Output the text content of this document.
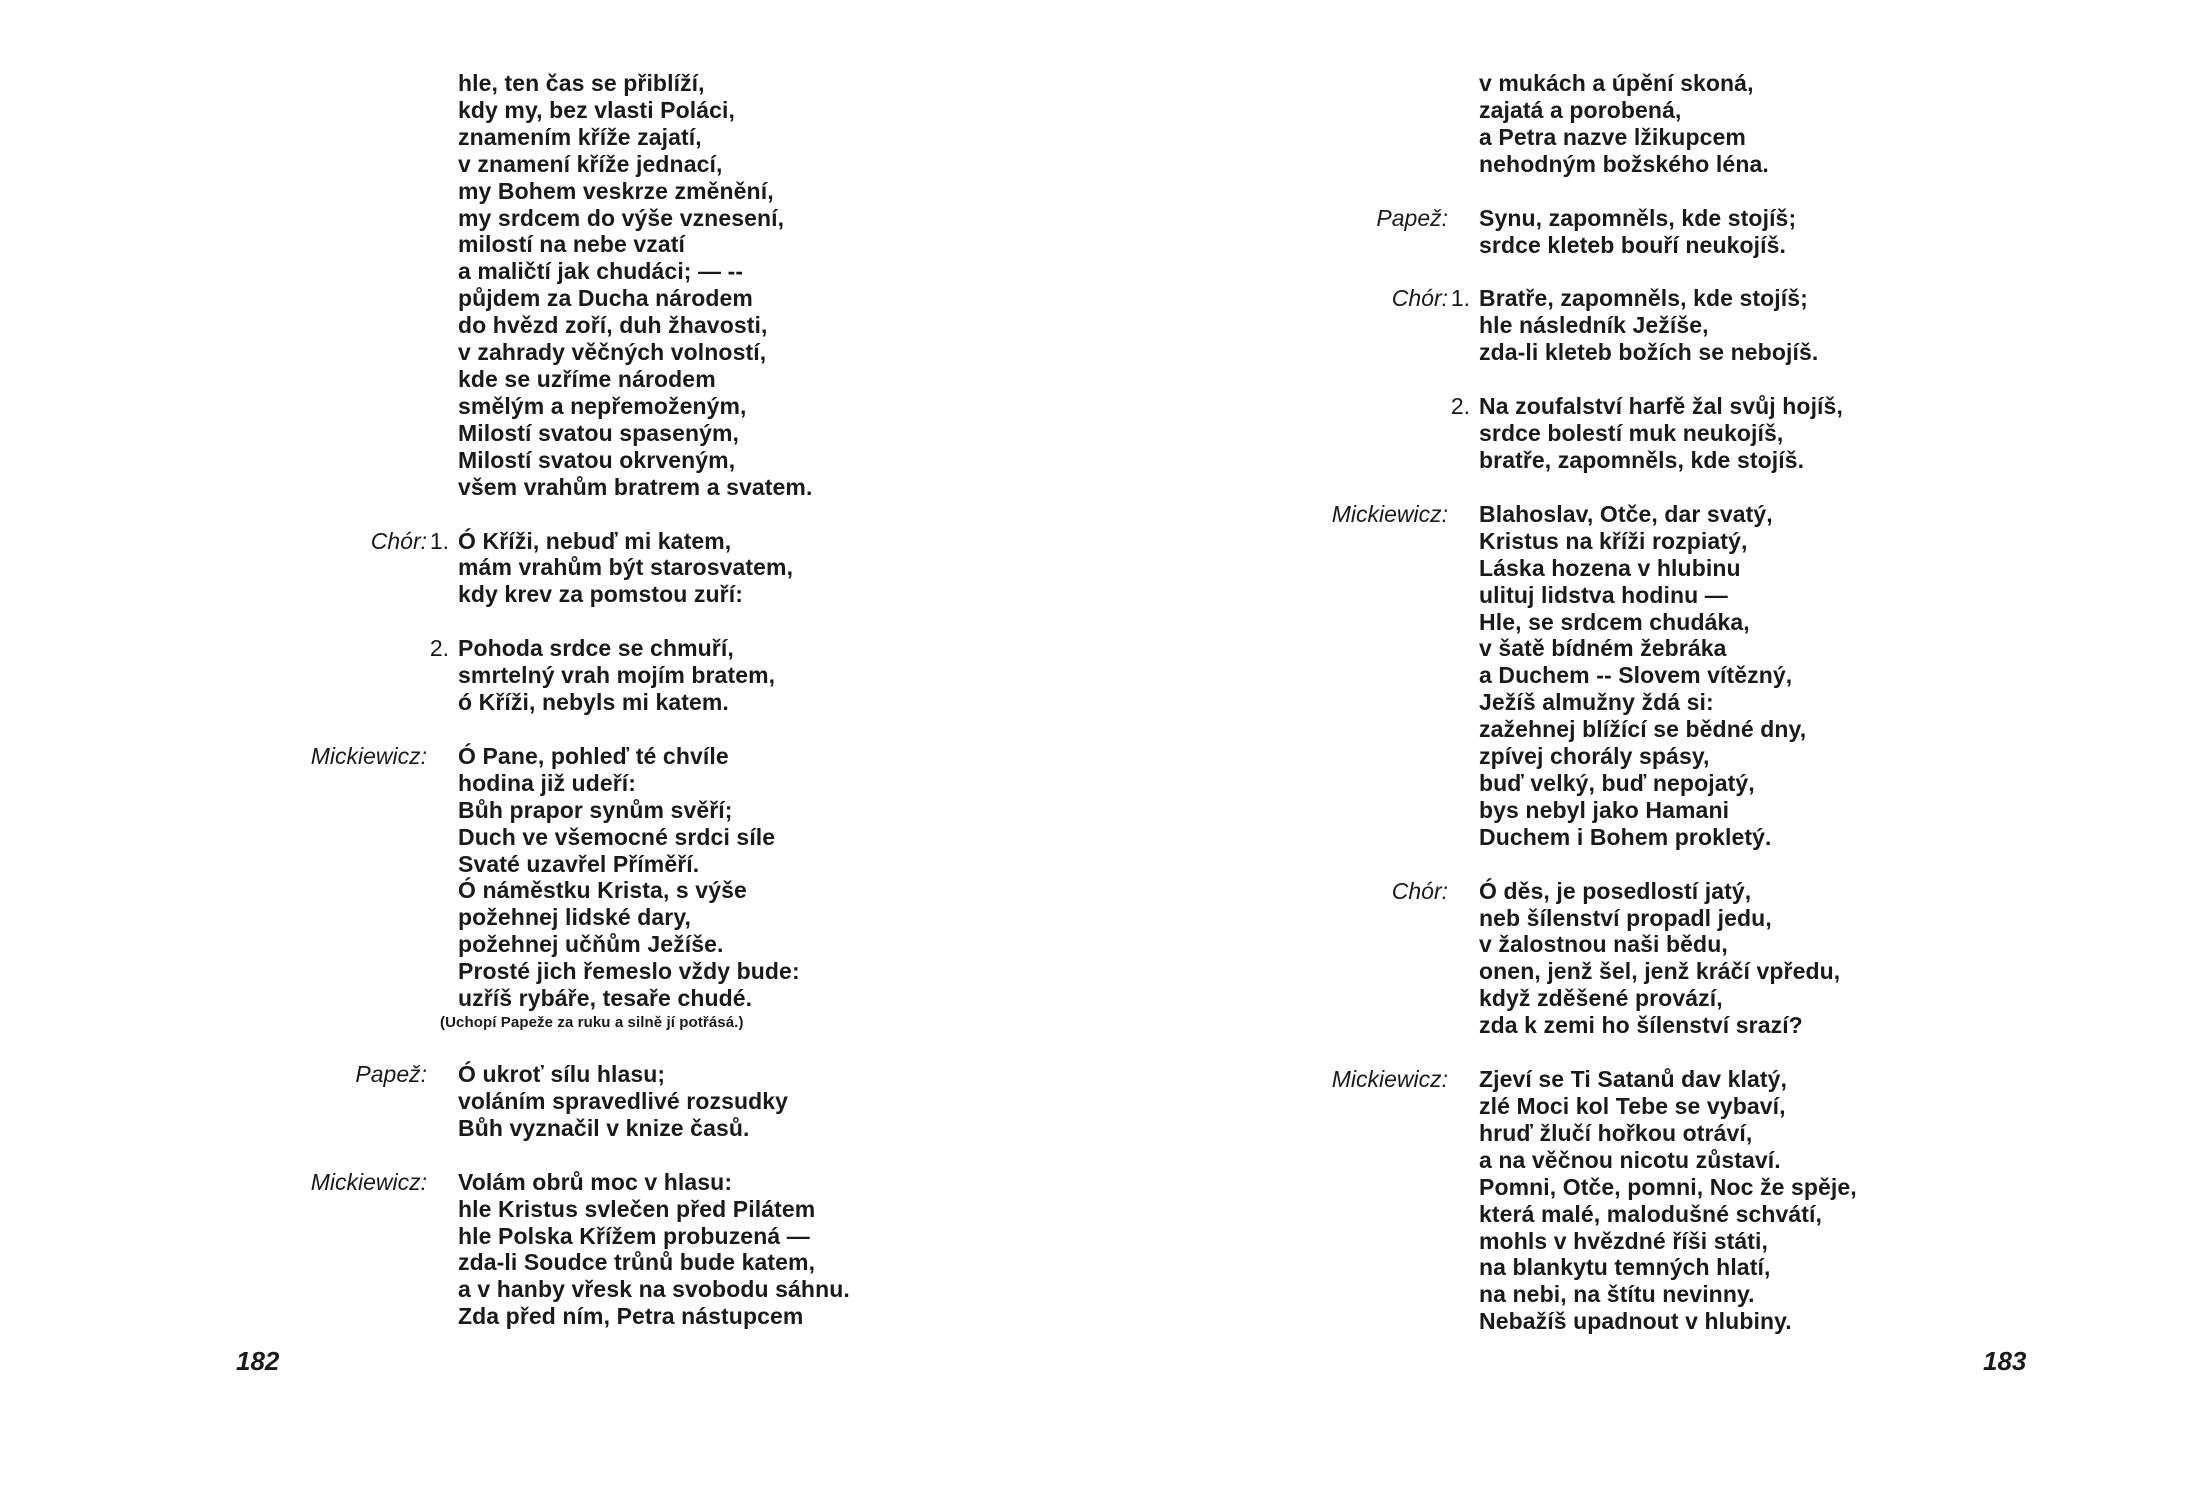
hle, ten čas se přiblíží,
kdy my, bez vlasti Poláci,
znamením kříže zajatí,
v znamení kříže jednací,
my Bohem veskrze změnění,
my srdcem do výše vznesení,
milostí na nebe vzatí
a maličtí jak chudáci; — --
půjdem za Ducha národem
do hvězd zoří, duh žhavosti,
v zahrady věčných volností,
kde se uzříme národem
smělým a nepřemoženým,
Milostí svatou spaseným,
Milostí svatou okrveným,
všem vrahům bratrem a svatem.
Chór: 1. Ó Kříži, nebuď mi katem,
mám vrahům být starosvatem,
kdy krev za pomstou zuří:
2. Pohoda srdce se chmuří,
smrtelný vrah mojím bratem,
ó Kříži, nebyls mi katem.
Mickiewicz: Ó Pane, pohleď té chvíle
hodina již udeří:
Bůh prapor synům svěří;
Duch ve všemocné srdci síle
Svaté uzavřel Příměří.
Ó náměstku Krista, s výše
požehnej lidské dary,
požehnej učňům Ježíše.
Prosté jich řemeslo vždy bude:
uzříš rybáře, tesaře chudé.
(Uchopí Papeže za ruku a silně jí potřásá.)
Papež: Ó ukroť sílu hlasu;
voláním spravedlivé rozsudky
Bůh vyznačil v knize časů.
Mickiewicz: Volám obrů moc v hlasu:
hle Kristus svlečen před Pilátem
hle Polska Křížem probuzená —
zda-li Soudce trůnů bude katem,
a v hanby vřesk na svobodu sáhnu.
Zda před ním, Petra nástupcem
182
v mukách a úpění skoná,
zajatá a porobená,
a Petra nazve lžikupcem
nehodným božského léna.
Papež: Synu, zapomněls, kde stojíš;
srdce kleteb bouří neukojíš.
Chór: 1. Bratře, zapomněls, kde stojíš;
hle následník Ježíše,
zda-li kleteb božích se nebojíš.
2. Na zoufalství harfě žal svůj hojíš,
srdce bolestí muk neukojíš,
bratře, zapomněls, kde stojíš.
Mickiewicz: Blahoslav, Otče, dar svatý,
Kristus na kříži rozpiatý,
Láska hozena v hlubinu
ulituj lidstva hodinu —
Hle, se srdcem chudáka,
v šatě bídném žebráka
a Duchem -- Slovem vítězný,
Ježíš almužny ždá si:
zažehnej blížící se bědné dny,
zpívej chorály spásy,
buď velký, buď nepojatý,
bys nebyl jako Hamani
Duchem i Bohem prokletý.
Chór: Ó děs, je posedlostí jatý,
neb šílenství propadl jedu,
v žalostnou naši bědu,
onen, jenž šel, jenž kráčí vpředu,
když zděšené provází,
zda k zemi ho šílenství srazí?
Mickiewicz: Zjeví se Ti Satanů dav klatý,
zlé Moci kol Tebe se vybaví,
hruď žlučí hořkou otráví,
a na věčnou nicotu zůstaví.
Pomni, Otče, pomni, Noc že spěje,
která malé, malodušné schvátí,
mohls v hvězdné říši státi,
na blankytu temných hlatí,
na nebi, na štítu nevinny.
Nebažíš upadnout v hlubiny.
183
